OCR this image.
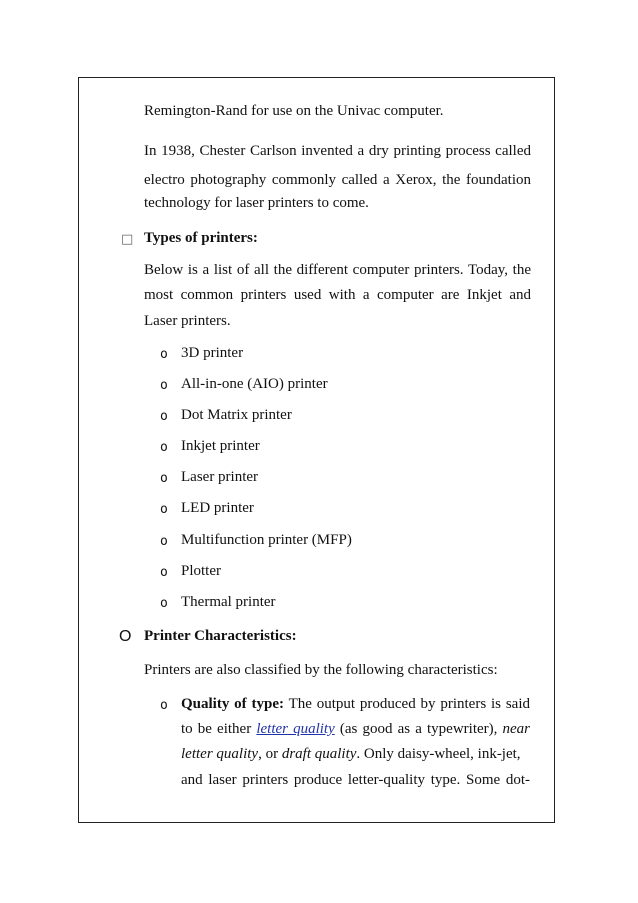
Remington-Rand for use on the Univac computer.
In 1938, Chester Carlson invented a dry printing process called
electro photography commonly called a Xerox, the foundation
technology for laser printers to come.
□ Types of printers:
Below is a list of all the different computer printers. Today, the
most common printers used with a computer are Inkjet and
Laser printers.
o 3D printer
o All-in-one (AIO) printer
o Dot Matrix printer
o Inkjet printer
o Laser printer
o LED printer
o Multifunction printer (MFP)
o Plotter
o Thermal printer
O Printer Characteristics:
Printers are also classified by the following characteristics:
o Quality of type: The output produced by printers is said
to be either letter quality (as good as a typewriter), near
letter quality, or draft quality. Only daisy-wheel, ink-jet,
and laser printers produce letter-quality type. Some dot-
